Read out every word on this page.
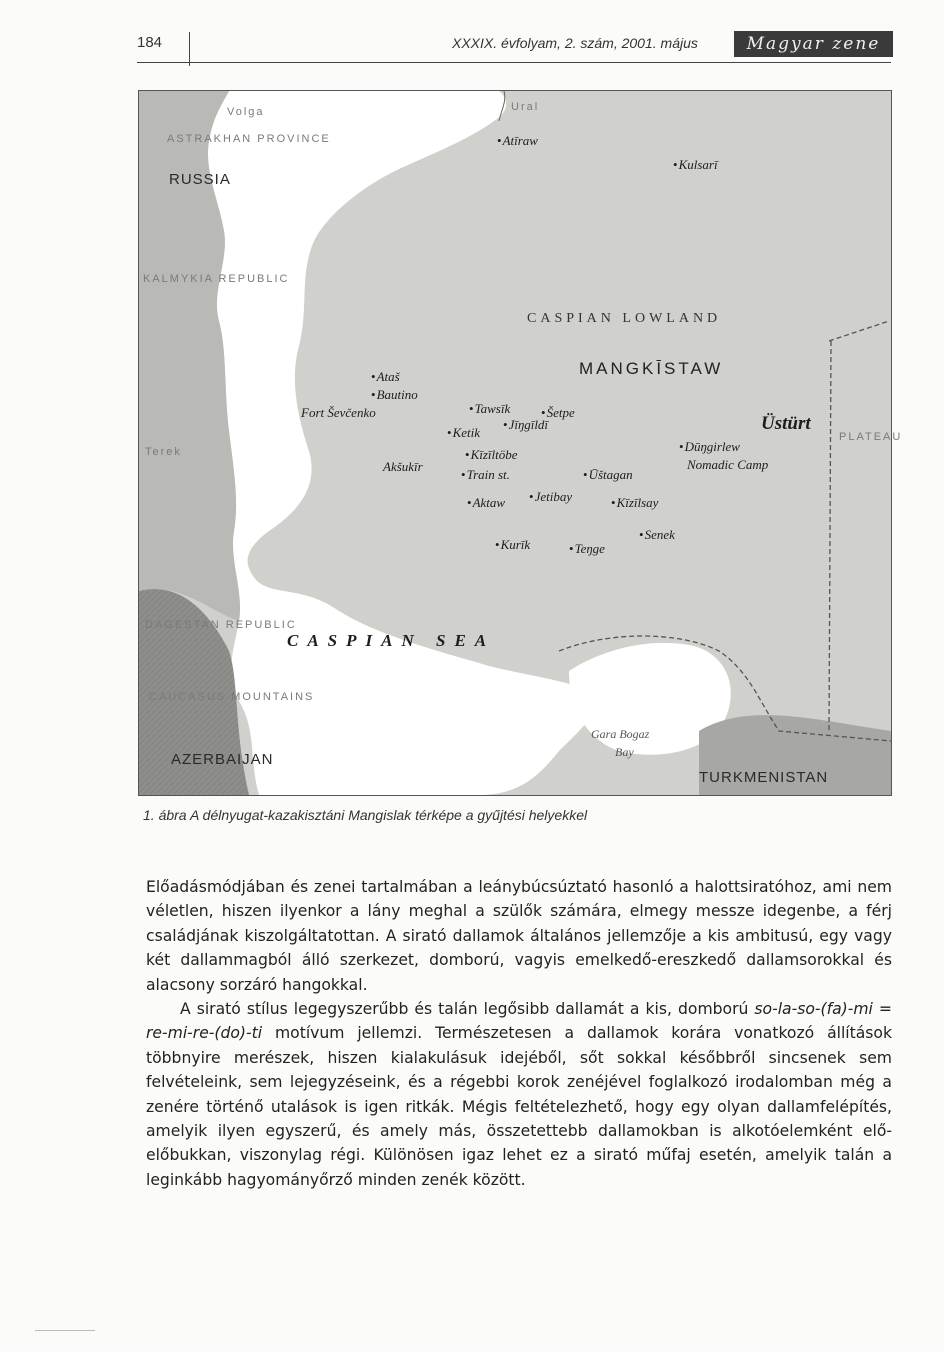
184	XXXIX. évfolyam, 2. szám, 2001. május	Magyar zene
ASTRAKHAN PROVINCE
RUSSIA
Volga	Ural
KALMYKIA REPUBLIC
Terek
DAGESTAN REPUBLIC
CAUCASUS MOUNTAINS
AZERBAIJAN
TURKMENISTAN
• Atīraw
• Kulsarī
CASPIAN LOWLAND
MANGKĪSTAW
Üstürt
PLATEAU
• Ataš
• Bautino
Fort Ševčenko	• Tawsīk	• Šetpe
• Ketik
• Jīŋgīldī
• Kīzīltöbe
Akšukīr
• Train st.
• Dūŋgirlew
Nomadic Camp
• Ūštagan
• Aktaw	• Jetibay	• Kīzīlsay
• Senek
• Kurīk	• Teŋge
CASPIAN SEA
Gara Bogaz
Bay
1. ábra A délnyugat-kazakisztáni Mangislak térképe a gyűjtési helyekkel

Előadásmódjában és zenei tartalmában a leánybúcsúztató hasonló a halottsiratóhoz, ami nem véletlen, hiszen ilyenkor a lány meghal a szülők számára, elmegy messze idegenbe, a férj családjának kiszolgáltatottan. A sirató dallamok általános jellemzője a kis ambitusú, egy vagy két dallammagból álló szerkezet, domború, vagyis emelkedő-ereszkedő dallamsorokkal és alacsony sorzáró hangokkal.

A sirató stílus legegyszerűbb és talán legősibb dallamát a kis, domború so-la-so-(fa)-mi = re-mi-re-(do)-ti motívum jellemzi. Természetesen a dallamok korára vonatkozó állítások többnyire merészek, hiszen kialakulásuk idejéből, sőt sokkal későbbről sincsenek sem felvételeink, sem lejegyzéseink, és a régebbi korok zenéjével foglalkozó irodalomban még a zenére történő utalások is igen ritkák. Mégis feltételezhető, hogy egy olyan dallamfelépítés, amelyik ilyen egyszerű, és amely más, összetettebb dallamokban is alkotóelemként elő-előbukkan, viszonylag régi. Különösen igaz lehet ez a sirató műfaj esetén, amelyik talán a leginkább hagyományőrző minden zenék között.
